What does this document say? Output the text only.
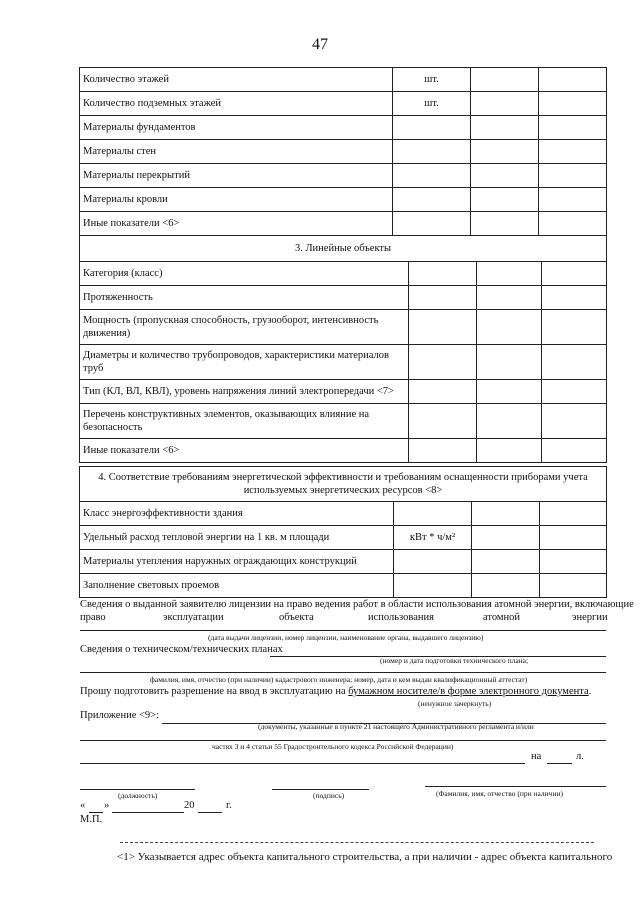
47
Количество этажей	шт.		
Количество подземных этажей	шт.		
Материалы фундаментов			
Материалы стен			
Материалы перекрытий			
Материалы кровли			
Иные показатели <6>			
3. Линейные объекты			
Категория (класс)			
Протяженность			
Мощность (пропускная способность, грузооборот, интенсивность движения)			
Диаметры и количество трубопроводов, характеристики материалов труб			
Тип (КЛ, ВЛ, КВЛ), уровень напряжения линий электропередачи <7>			
Перечень конструктивных элементов, оказывающих влияние на безопасность			
Иные показатели <6>			
4. Соответствие требованиям энергетической эффективности и требованиям оснащенности приборами учета используемых энергетических ресурсов <8>			
Класс энергоэффективности здания			
Удельный расход тепловой энергии на 1 кв. м площади	кВт * ч/м²		
Материалы утепления наружных ограждающих конструкций			
Заполнение световых проемов			
Сведения о выданной заявителю лицензии на право ведения работ в области использования атомной энергии, включающие
право	эксплуатации	объекта	использования	атомной	энергии
(дата выдачи лицензии, номер лицензии, наименование органа, выдавшего лицензию)
Сведения о техническом/технических планах
(номер и дата подготовки технического плана;
фамилия, имя, отчество (при наличии) кадастрового инженера; номер, дата и кем выдан квалификационный аттестат)
Прошу подготовить разрешение на ввод в эксплуатацию на бумажном носителе/в форме электронного документа.
(ненужное зачеркнуть)
Приложение <9>:
(документы, указанные в пункте 21 настоящего Административного регламента и/или
частях 3 и 4 статьи 55 Градостроительного кодекса Российской Федерации)
на	л.
(должность)	(подпись)	(Фамилия, имя, отчество (при наличии)
« »	20	г.
М.П.
<1> Указывается адрес объекта капитального строительства, а при наличии - адрес объекта капитального
